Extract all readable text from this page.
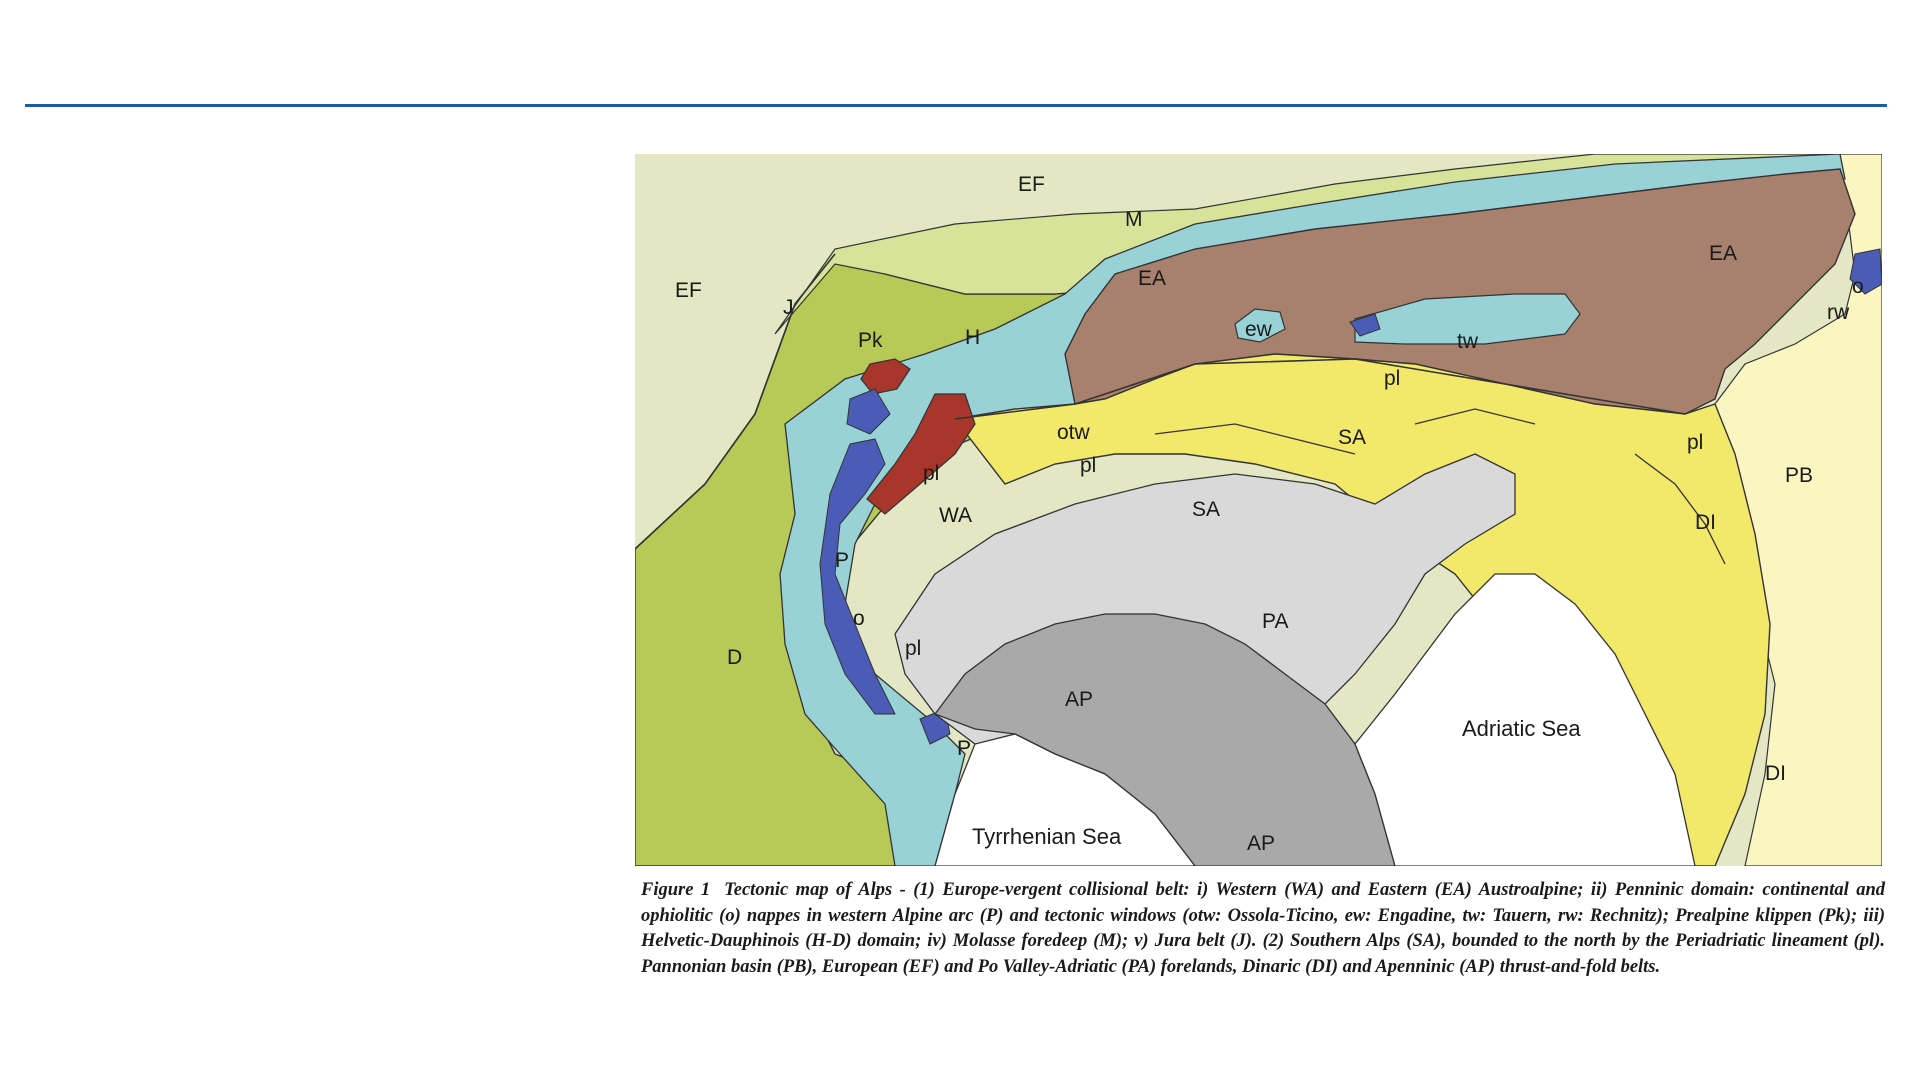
EF
EF
M
J
Pk	H
EA
EA
ew
tw
pl
pl
pl
pl
pl
otw	SA
SA
WA
P
P
o
o
D
PA
AP
AP
DI
DI
PB
rw
Adriatic Sea
Tyrrhenian Sea
Figure 1 Tectonic map of Alps - (1) Europe-vergent collisional belt: i) Western (WA) and Eastern (EA) Austroalpine; ii) Penninic domain: continental and ophiolitic (o) nappes in western Alpine arc (P) and tectonic windows (otw: Ossola-Ticino, ew: Engadine, tw: Tauern, rw: Rechnitz); Prealpine klippen (Pk); iii) Helvetic-Dauphinois (H-D) domain; iv) Molasse foredeep (M); v) Jura belt (J). (2) Southern Alps (SA), bounded to the north by the Periadriatic lineament (pl). Pannonian basin (PB), European (EF) and Po Valley-Adriatic (PA) forelands, Dinaric (DI) and Apenninic (AP) thrust-and-fold belts.
